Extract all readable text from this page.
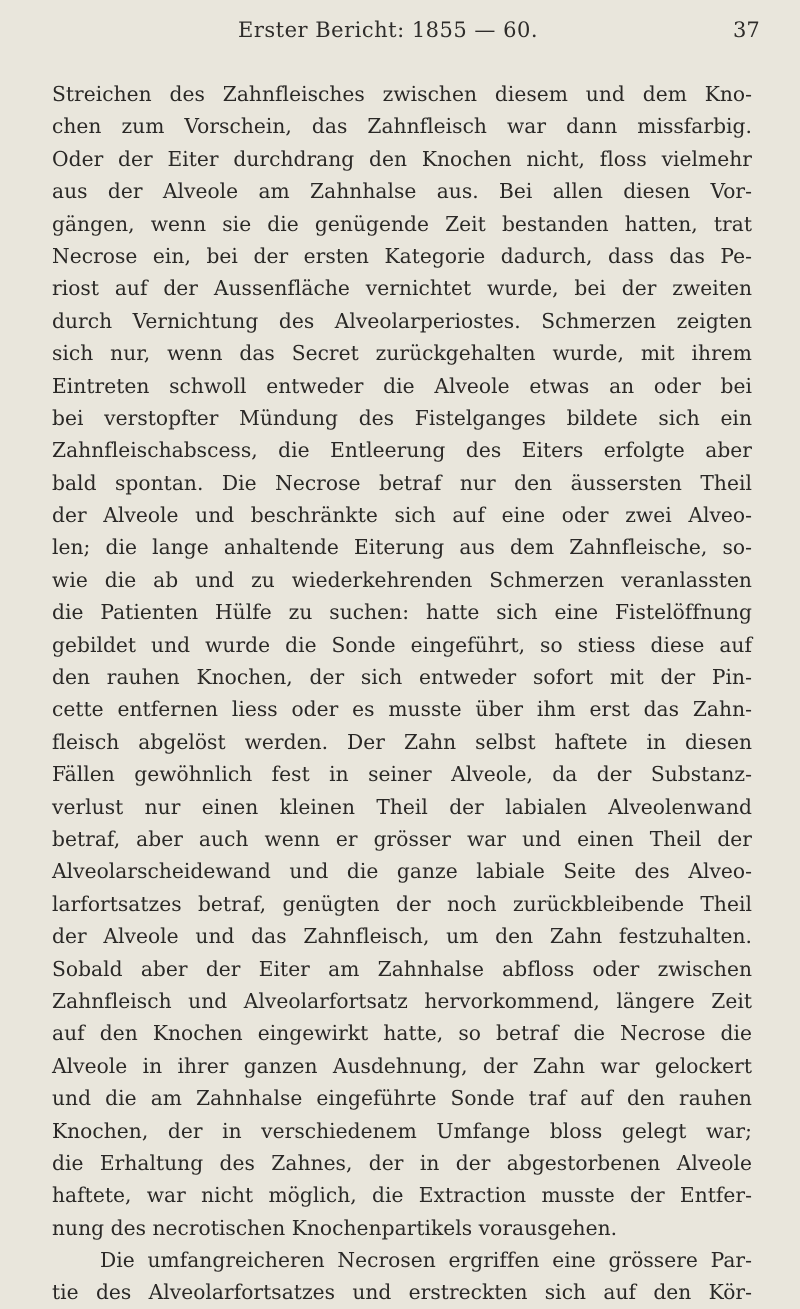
Erster Bericht: 1855 — 60.	37
Streichen des Zahnfleisches zwischen diesem und dem Kno-
chen zum Vorschein, das Zahnfleisch war dann missfarbig.
Oder der Eiter durchdrang den Knochen nicht, floss vielmehr
aus der Alveole am Zahnhalse aus. Bei allen diesen Vor-
gängen, wenn sie die genügende Zeit bestanden hatten, trat
Necrose ein, bei der ersten Kategorie dadurch, dass das Pe-
riost auf der Aussenfläche vernichtet wurde, bei der zweiten
durch Vernichtung des Alveolarperiostes. Schmerzen zeigten
sich nur, wenn das Secret zurückgehalten wurde, mit ihrem
Eintreten schwoll entweder die Alveole etwas an oder bei
bei verstopfter Mündung des Fistelganges bildete sich ein
Zahnfleischabscess, die Entleerung des Eiters erfolgte aber
bald spontan. Die Necrose betraf nur den äussersten Theil
der Alveole und beschränkte sich auf eine oder zwei Alveo-
len; die lange anhaltende Eiterung aus dem Zahnfleische, so-
wie die ab und zu wiederkehrenden Schmerzen veranlassten
die Patienten Hülfe zu suchen: hatte sich eine Fistelöffnung
gebildet und wurde die Sonde eingeführt, so stiess diese auf
den rauhen Knochen, der sich entweder sofort mit der Pin-
cette entfernen liess oder es musste über ihm erst das Zahn-
fleisch abgelöst werden. Der Zahn selbst haftete in diesen
Fällen gewöhnlich fest in seiner Alveole, da der Substanz-
verlust nur einen kleinen Theil der labialen Alveolenwand
betraf, aber auch wenn er grösser war und einen Theil der
Alveolarscheidewand und die ganze labiale Seite des Alveo-
larfortsatzes betraf, genügten der noch zurückbleibende Theil
der Alveole und das Zahnfleisch, um den Zahn festzuhalten.
Sobald aber der Eiter am Zahnhalse abfloss oder zwischen
Zahnfleisch und Alveolarfortsatz hervorkommend, längere Zeit
auf den Knochen eingewirkt hatte, so betraf die Necrose die
Alveole in ihrer ganzen Ausdehnung, der Zahn war gelockert
und die am Zahnhalse eingeführte Sonde traf auf den rauhen
Knochen, der in verschiedenem Umfange bloss gelegt war;
die Erhaltung des Zahnes, der in der abgestorbenen Alveole
haftete, war nicht möglich, die Extraction musste der Entfer-
nung des necrotischen Knochenpartikels vorausgehen.
Die umfangreicheren Necrosen ergriffen eine grössere Par-
tie des Alveolarfortsatzes und erstreckten sich auf den Kör-
